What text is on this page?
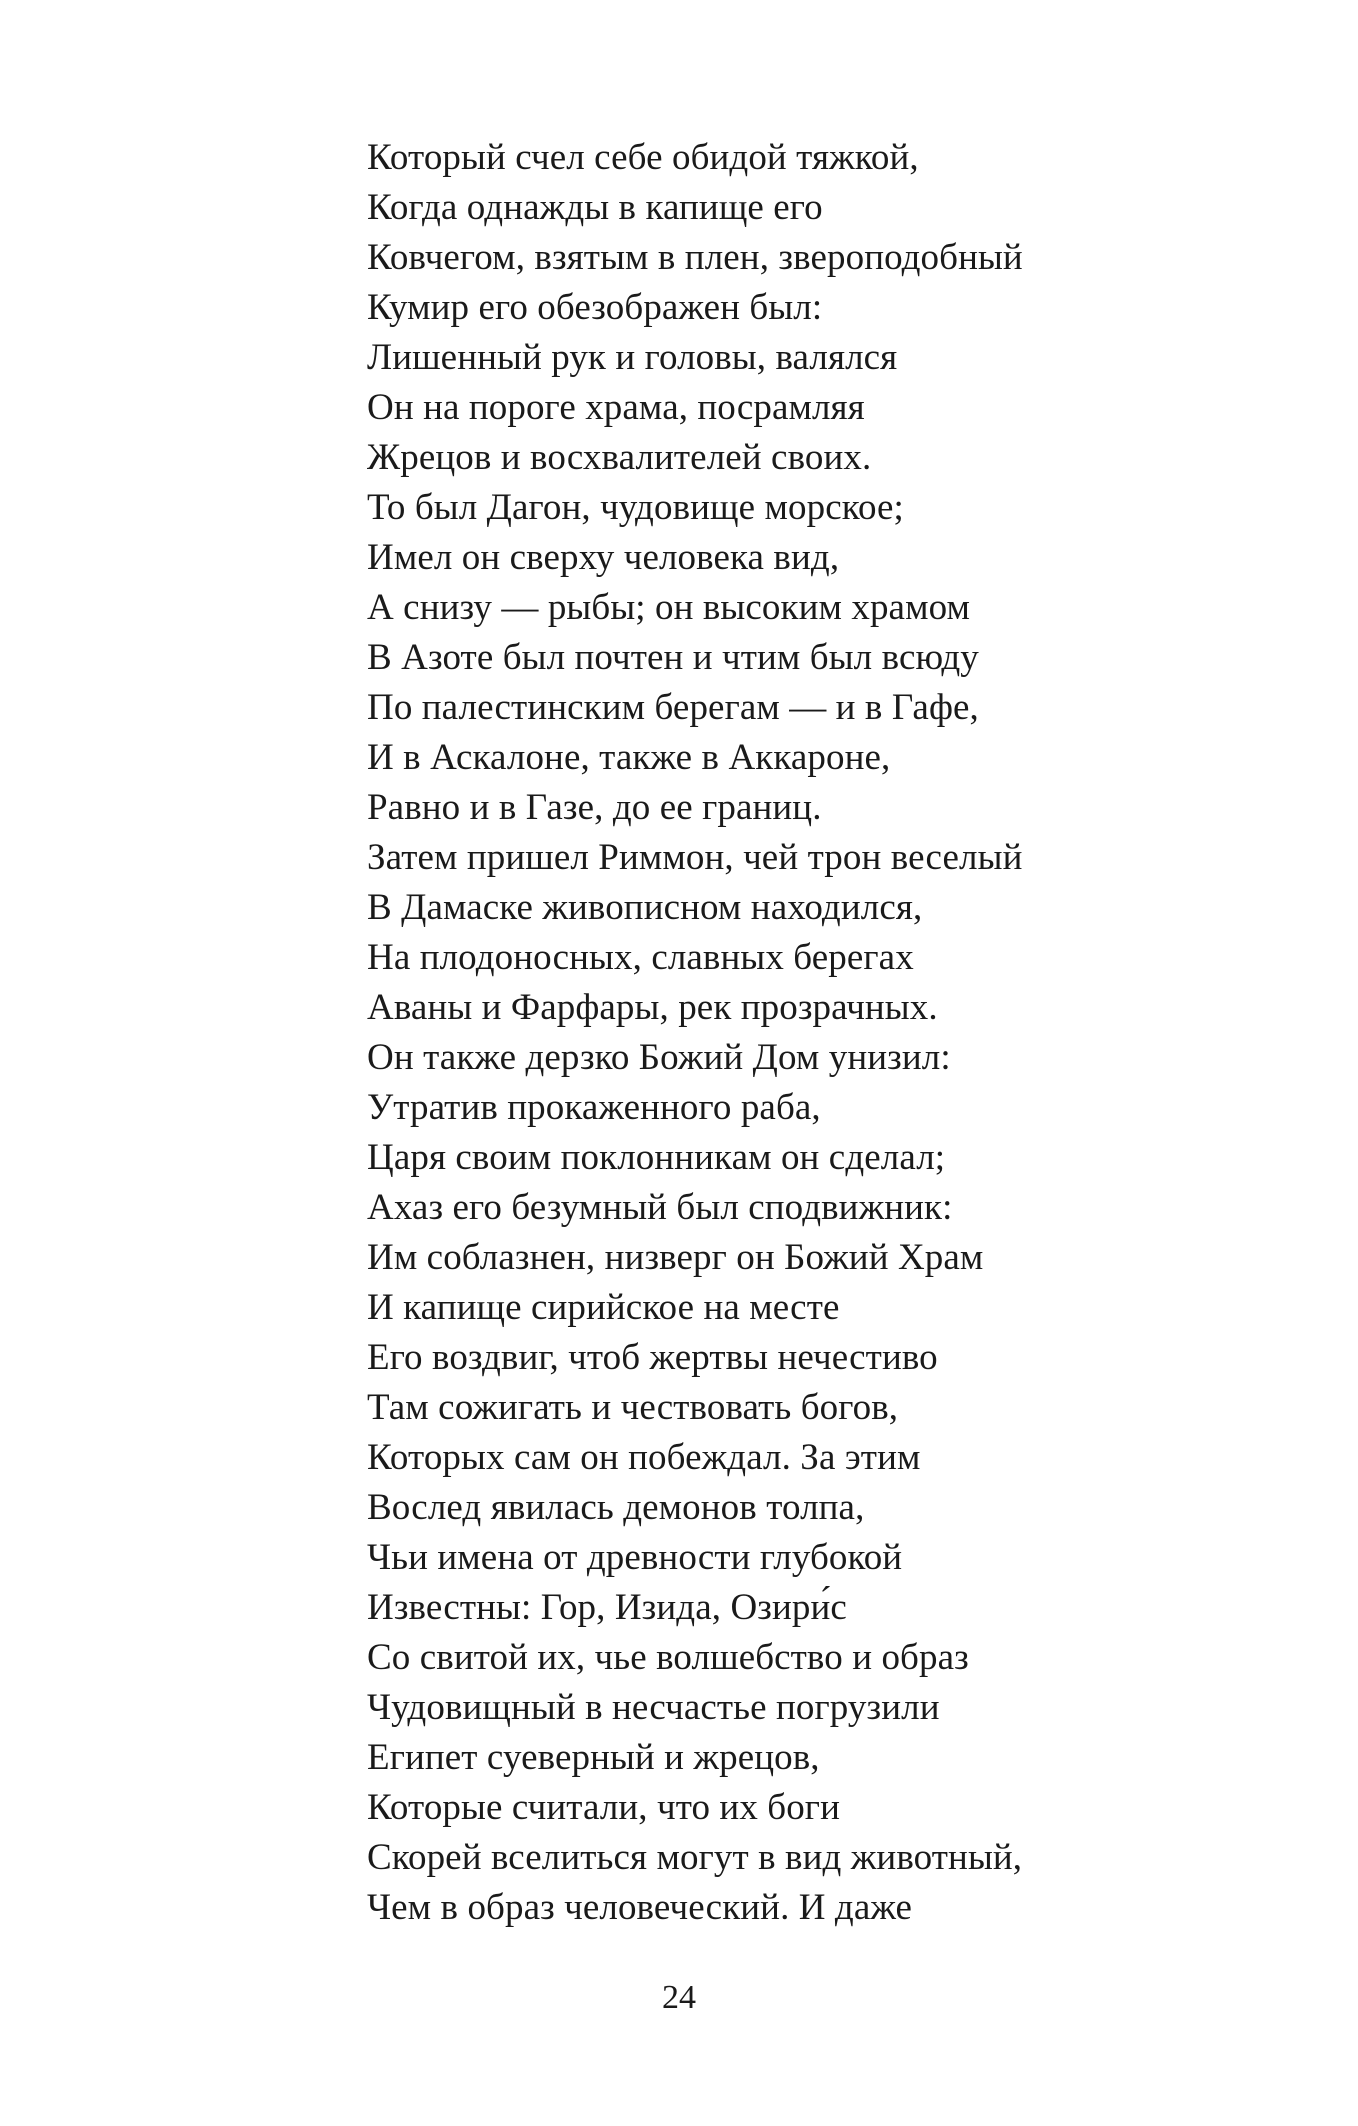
Который счел себе обидой тяжкой,
Когда однажды в капище его
Ковчегом, взятым в плен, звероподобный
Кумир его обезображен был:
Лишенный рук и головы, валялся
Он на пороге храма, посрамляя
Жрецов и восхвалителей своих.
То был Дагон, чудовище морское;
Имел он сверху человека вид,
А снизу — рыбы; он высоким храмом
В Азоте был почтен и чтим был всюду
По палестинским берегам — и в Гафе,
И в Аскалоне, также в Аккароне,
Равно и в Газе, до ее границ.
Затем пришел Риммон, чей трон веселый
В Дамаске живописном находился,
На плодоносных, славных берегах
Аваны и Фарфары, рек прозрачных.
Он также дерзко Божий Дом унизил:
Утратив прокаженного раба,
Царя своим поклонникам он сделал;
Ахаз его безумный был сподвижник:
Им соблазнен, низверг он Божий Храм
И капище сирийское на месте
Его воздвиг, чтоб жертвы нечестиво
Там сожигать и чествовать богов,
Которых сам он побеждал. За этим
Вослед явилась демонов толпа,
Чьи имена от древности глубокой
Известны: Гор, Изида, Озири́с
Со свитой их, чье волшебство и образ
Чудовищный в несчастье погрузили
Египет суеверный и жрецов,
Которые считали, что их боги
Скорей вселиться могут в вид животный,
Чем в образ человеческий. И даже
24
